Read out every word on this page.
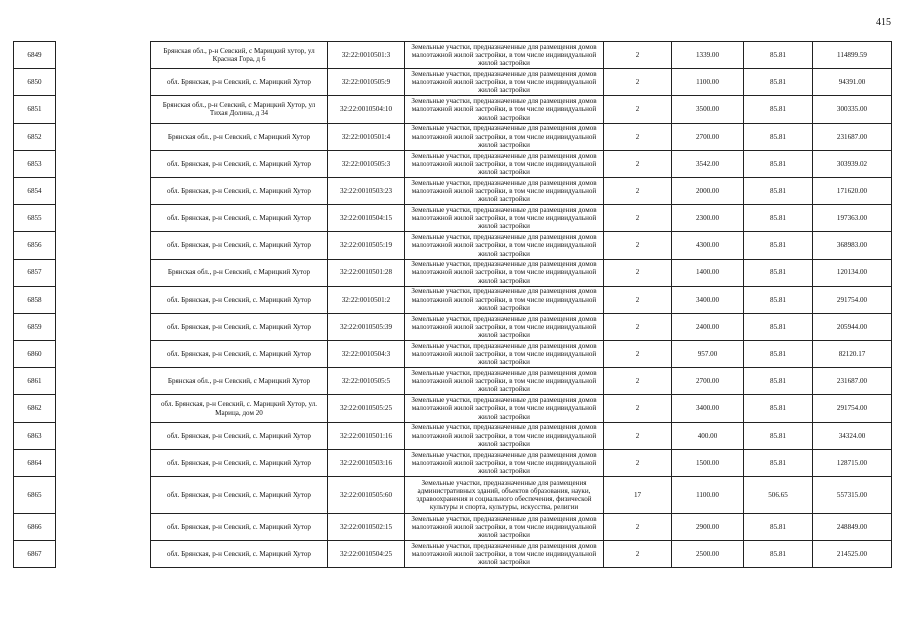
415
6849		Брянская обл., р-н Севский, с Марицкий хутор, ул Красная Гора, д 6	32:22:0010501:3	Земельные участки, предназначенные для размещения домов малоэтажной жилой застройки, в том числе индивидуальной жилой застройки	2	1339.00	85.81	114899.59
6850		обл. Брянская, р-н Севский, с. Марицкий Хутор	32:22:0010505:9	Земельные участки, предназначенные для размещения домов малоэтажной жилой застройки, в том числе индивидуальной жилой застройки	2	1100.00	85.81	94391.00
6851		Брянская обл., р-н Севский, с Марицкий Хутор, ул Тихая Долина, д 34	32:22:0010504:10	Земельные участки, предназначенные для размещения домов малоэтажной жилой застройки, в том числе индивидуальной жилой застройки	2	3500.00	85.81	300335.00
6852		Брянская обл., р-н Севский, с Марицкий Хутор	32:22:0010501:4	Земельные участки, предназначенные для размещения домов малоэтажной жилой застройки, в том числе индивидуальной жилой застройки	2	2700.00	85.81	231687.00
6853		обл. Брянская, р-н Севский, с. Марицкий Хутор	32:22:0010505:3	Земельные участки, предназначенные для размещения домов малоэтажной жилой застройки, в том числе индивидуальной жилой застройки	2	3542.00	85.81	303939.02
6854		обл. Брянская, р-н Севский, с. Марицкий Хутор	32:22:0010503:23	Земельные участки, предназначенные для размещения домов малоэтажной жилой застройки, в том числе индивидуальной жилой застройки	2	2000.00	85.81	171620.00
6855		обл. Брянская, р-н Севский, с. Марицкий Хутор	32:22:0010504:15	Земельные участки, предназначенные для размещения домов малоэтажной жилой застройки, в том числе индивидуальной жилой застройки	2	2300.00	85.81	197363.00
6856		обл. Брянская, р-н Севский, с. Марицкий Хутор	32:22:0010505:19	Земельные участки, предназначенные для размещения домов малоэтажной жилой застройки, в том числе индивидуальной жилой застройки	2	4300.00	85.81	368983.00
6857		Брянская обл., р-н Севский, с Марицкий Хутор	32:22:0010501:28	Земельные участки, предназначенные для размещения домов малоэтажной жилой застройки, в том числе индивидуальной жилой застройки	2	1400.00	85.81	120134.00
6858		обл. Брянская, р-н Севский, с. Марицкий Хутор	32:22:0010501:2	Земельные участки, предназначенные для размещения домов малоэтажной жилой застройки, в том числе индивидуальной жилой застройки	2	3400.00	85.81	291754.00
6859		обл. Брянская, р-н Севский, с. Марицкий Хутор	32:22:0010505:39	Земельные участки, предназначенные для размещения домов малоэтажной жилой застройки, в том числе индивидуальной жилой застройки	2	2400.00	85.81	205944.00
6860		обл. Брянская, р-н Севский, с. Марицкий Хутор	32:22:0010504:3	Земельные участки, предназначенные для размещения домов малоэтажной жилой застройки, в том числе индивидуальной жилой застройки	2	957.00	85.81	82120.17
6861		Брянская обл., р-н Севский, с Марицкий Хутор	32:22:0010505:5	Земельные участки, предназначенные для размещения домов малоэтажной жилой застройки, в том числе индивидуальной жилой застройки	2	2700.00	85.81	231687.00
6862		обл. Брянская, р-н Севский, с. Марицкий Хутор, ул. Марица, дом 20	32:22:0010505:25	Земельные участки, предназначенные для размещения домов малоэтажной жилой застройки, в том числе индивидуальной жилой застройки	2	3400.00	85.81	291754.00
6863		обл. Брянская, р-н Севский, с. Марицкий Хутор	32:22:0010501:16	Земельные участки, предназначенные для размещения домов малоэтажной жилой застройки, в том числе индивидуальной жилой застройки	2	400.00	85.81	34324.00
6864		обл. Брянская, р-н Севский, с. Марицкий Хутор	32:22:0010503:16	Земельные участки, предназначенные для размещения домов малоэтажной жилой застройки, в том числе индивидуальной жилой застройки	2	1500.00	85.81	128715.00
6865		обл. Брянская, р-н Севский, с. Марицкий Хутор	32:22:0010505:60	Земельные участки, предназначенные для размещения административных зданий, объектов образования, науки, здравоохранения и социального обеспечения, физической культуры и спорта, культуры, искусства, религии	17	1100.00	506.65	557315.00
6866		обл. Брянская, р-н Севский, с. Марицкий Хутор	32:22:0010502:15	Земельные участки, предназначенные для размещения домов малоэтажной жилой застройки, в том числе индивидуальной жилой застройки	2	2900.00	85.81	248849.00
6867		обл. Брянская, р-н Севский, с. Марицкий Хутор	32:22:0010504:25	Земельные участки, предназначенные для размещения домов малоэтажной жилой застройки, в том числе индивидуальной жилой застройки	2	2500.00	85.81	214525.00
